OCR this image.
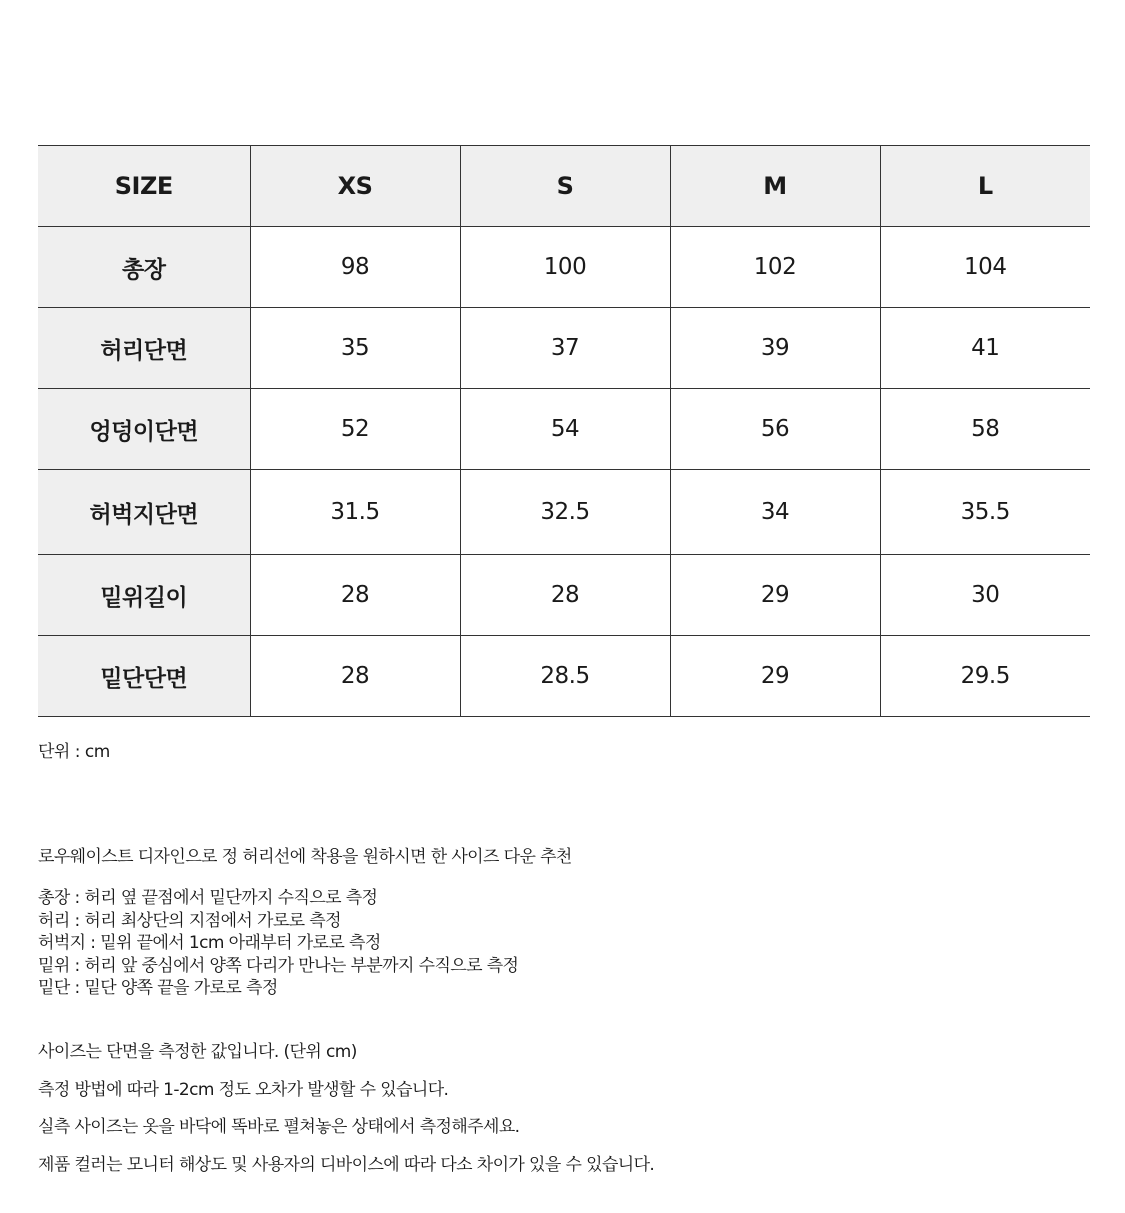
SIZE	XS	S	M	L
총장	98	100	102	104
허리단면	35	37	39	41
엉덩이단면	52	54	56	58
허벅지단면	31.5	32.5	34	35.5
밑위길이	28	28	29	30
밑단단면	28	28.5	29	29.5
단위 : cm
로우웨이스트 디자인으로 정 허리선에 착용을 원하시면 한 사이즈 다운 추천
총장 : 허리 옆 끝점에서 밑단까지 수직으로 측정
허리 : 허리 최상단의 지점에서 가로로 측정
허벅지 : 밑위 끝에서 1cm 아래부터 가로로 측정
밑위 : 허리 앞 중심에서 양쪽 다리가 만나는 부분까지 수직으로 측정
밑단 : 밑단 양쪽 끝을 가로로 측정
사이즈는 단면을 측정한 값입니다. (단위 cm)
측정 방법에 따라 1-2cm 정도 오차가 발생할 수 있습니다.
실측 사이즈는 옷을 바닥에 똑바로 펼쳐놓은 상태에서 측정해주세요.
제품 컬러는 모니터 해상도 및 사용자의 디바이스에 따라 다소 차이가 있을 수 있습니다.
